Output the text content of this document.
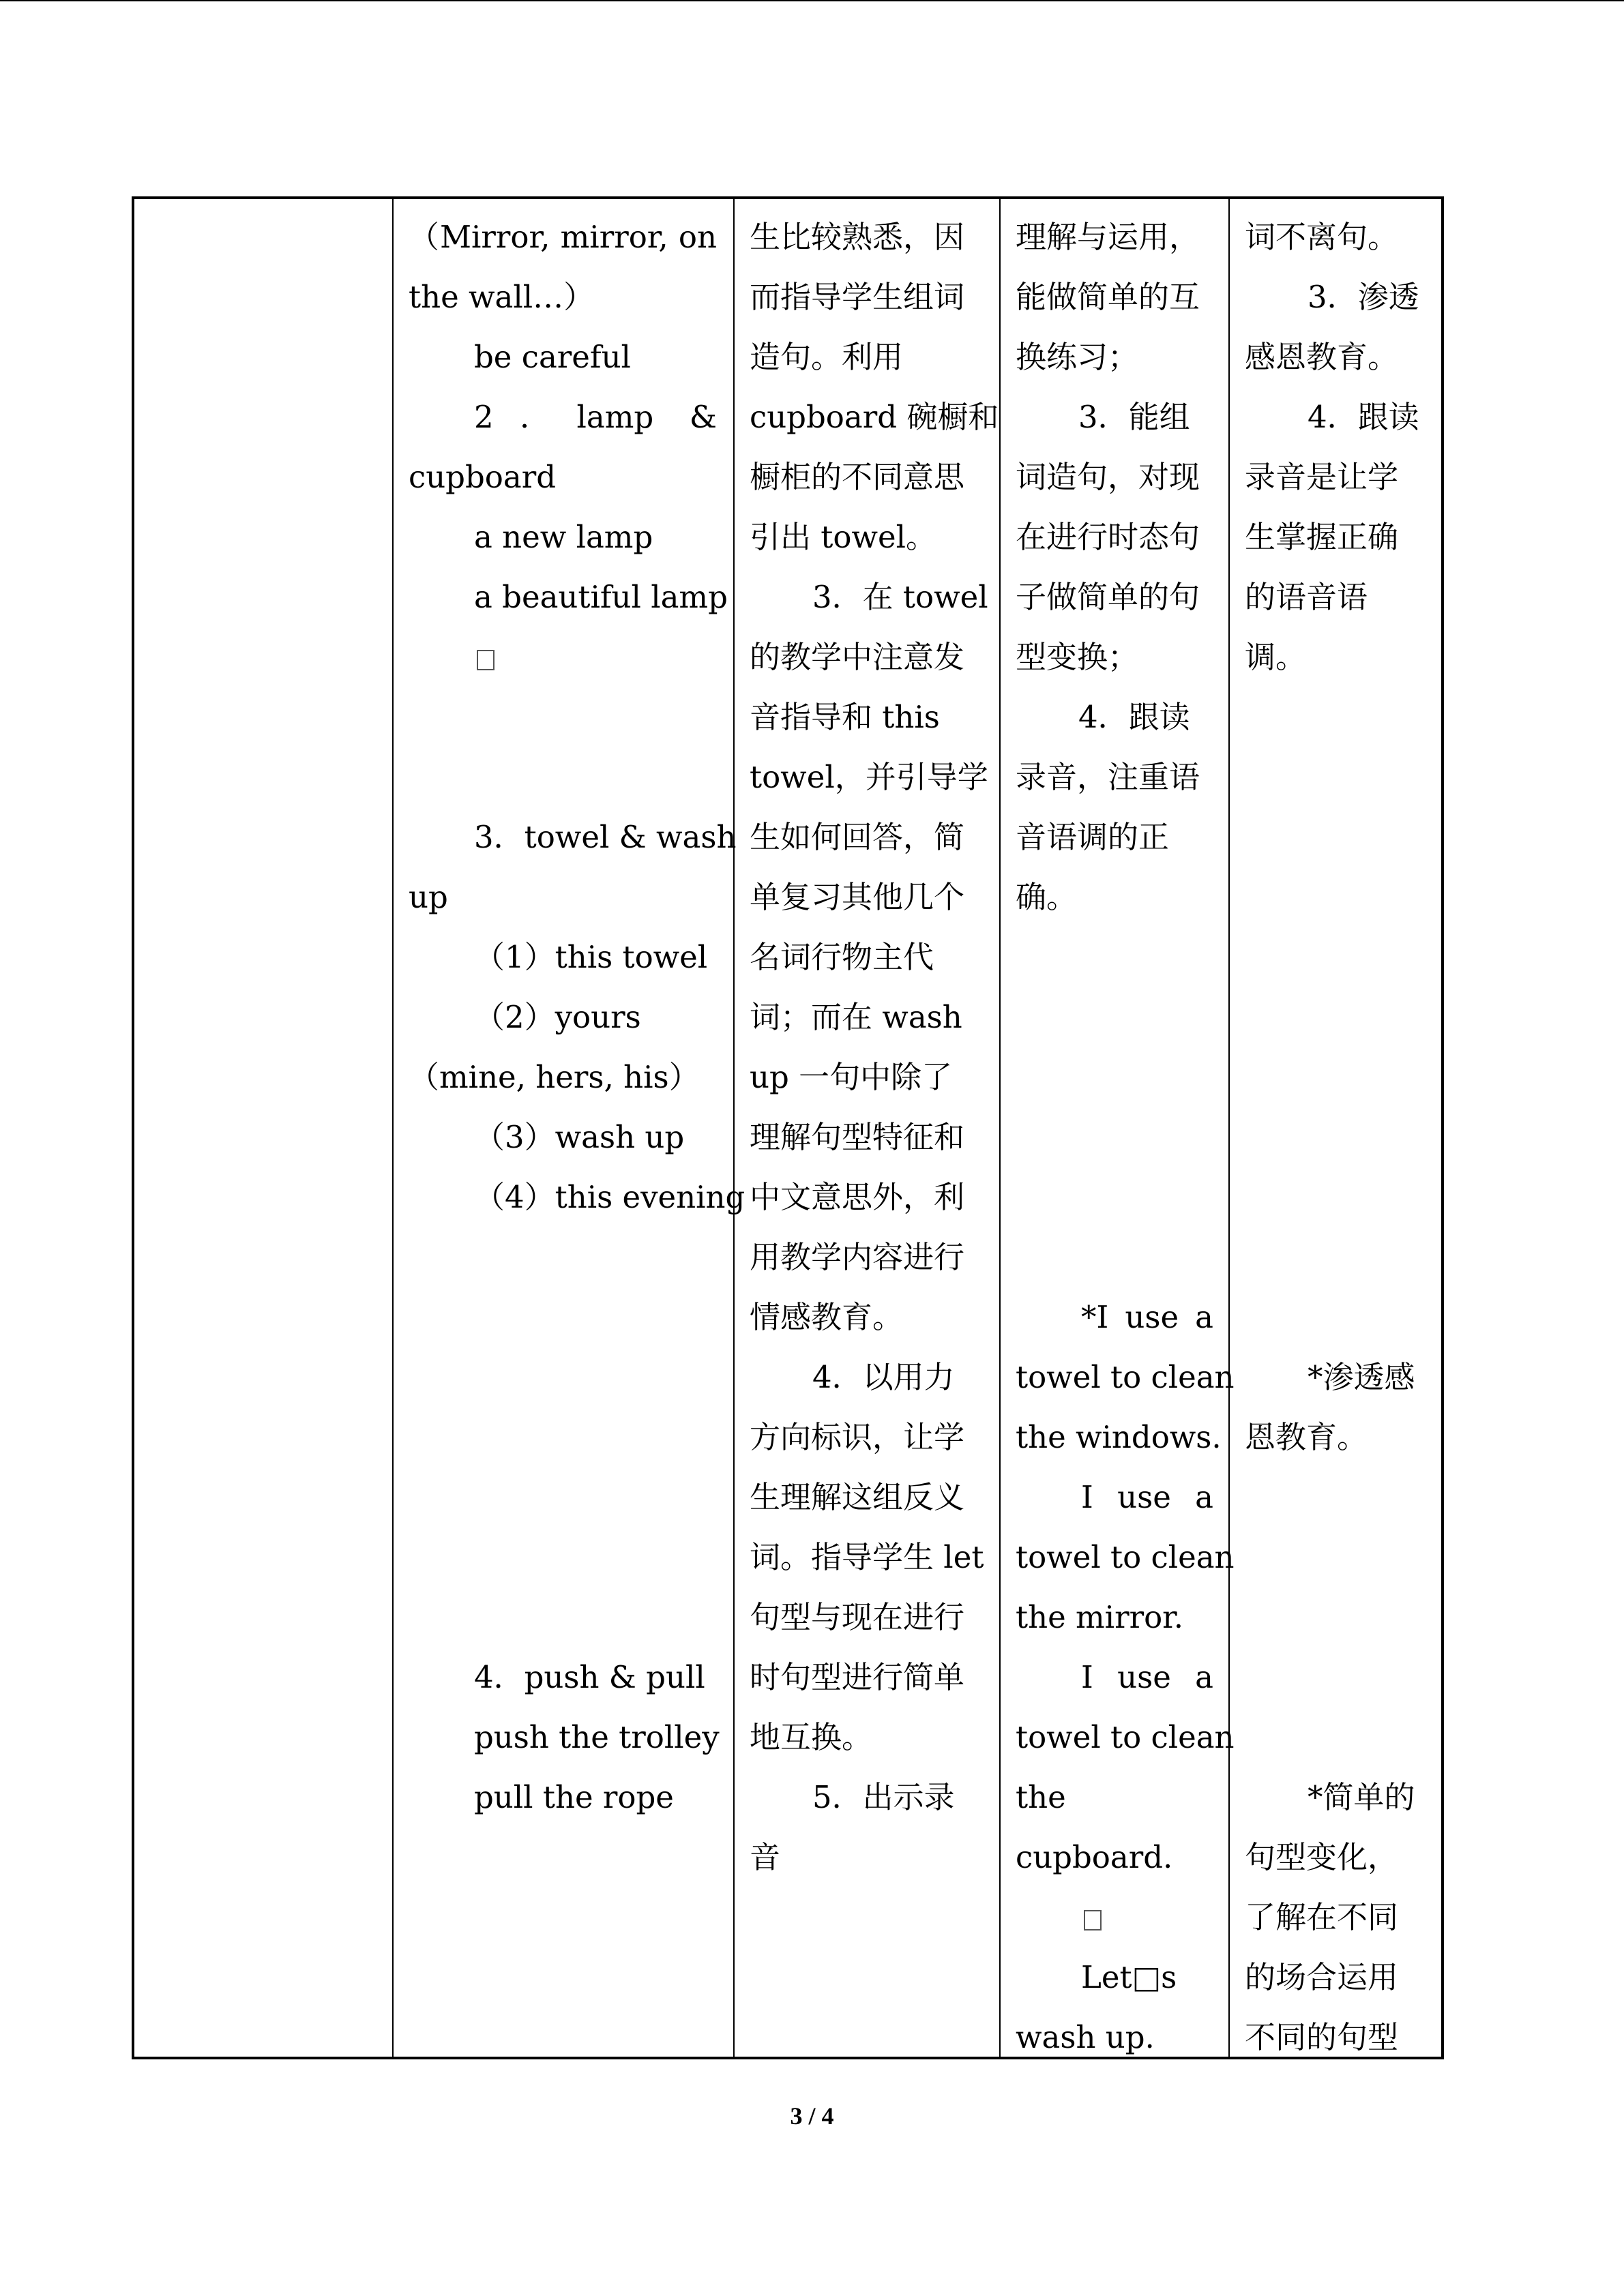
（Mirror, mirror, on
the wall…）
be careful
2．lamp &
cupboard
a new lamp
a beautiful lamp
3．towel & wash
up
（1）this towel
（2）yours
（mine, hers, his）
（3）wash up
（4）this evening
4．push & pull
push the trolley
pull the rope
生比较熟悉，因
而指导学生组词
造句。利用
cupboard 碗橱和
橱柜的不同意思
引出 towel。
3．在 towel
的教学中注意发
音指导和 this
towel，并引导学
生如何回答，简
单复习其他几个
名词行物主代
词；而在 wash
up 一句中除了
理解句型特征和
中文意思外，利
用教学内容进行
情感教育。
4．以用力
方向标识，让学
生理解这组反义
词。指导学生 let
句型与现在进行
时句型进行简单
地互换。
5．出示录
音
理解与运用，
能做简单的互
换练习；
3．能组
词造句，对现
在进行时态句
子做简单的句
型变换；
4．跟读
录音，注重语
音语调的正
确。
*I use a
towel to clean
the windows.
I use a
towel to clean
the mirror.
I use a
towel to clean
the
cupboard.
Let□s
wash up.
词不离句。
3．渗透
感恩教育。
4．跟读
录音是让学
生掌握正确
的语音语
调。
*渗透感
恩教育。
*简单的
句型变化，
了解在不同
的场合运用
不同的句型
3 / 4
